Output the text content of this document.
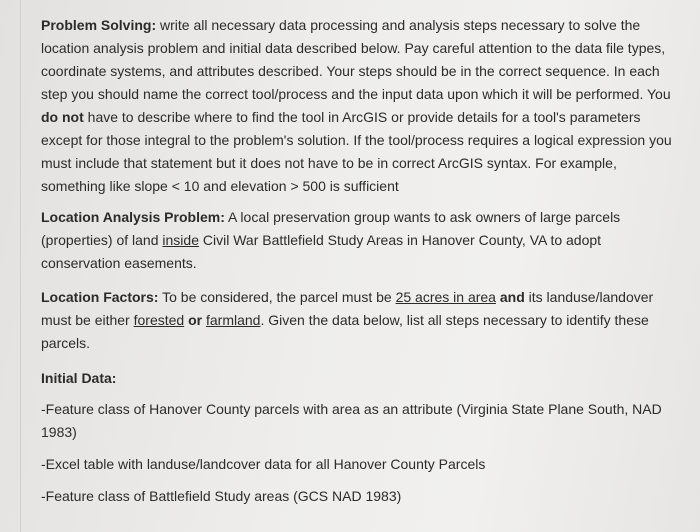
Problem Solving: write all necessary data processing and analysis steps necessary to solve the location analysis problem and initial data described below. Pay careful attention to the data file types, coordinate systems, and attributes described. Your steps should be in the correct sequence. In each step you should name the correct tool/process and the input data upon which it will be performed. You do not have to describe where to find the tool in ArcGIS or provide details for a tool's parameters except for those integral to the problem's solution. If the tool/process requires a logical expression you must include that statement but it does not have to be in correct ArcGIS syntax. For example, something like slope < 10 and elevation > 500 is sufficient

Location Analysis Problem: A local preservation group wants to ask owners of large parcels (properties) of land inside Civil War Battlefield Study Areas in Hanover County, VA to adopt conservation easements.

Location Factors: To be considered, the parcel must be 25 acres in area and its landuse/landover must be either forested or farmland. Given the data below, list all steps necessary to identify these parcels.

Initial Data:

-Feature class of Hanover County parcels with area as an attribute (Virginia State Plane South, NAD 1983)

-Excel table with landuse/landcover data for all Hanover County Parcels

-Feature class of Battlefield Study areas (GCS NAD 1983)
